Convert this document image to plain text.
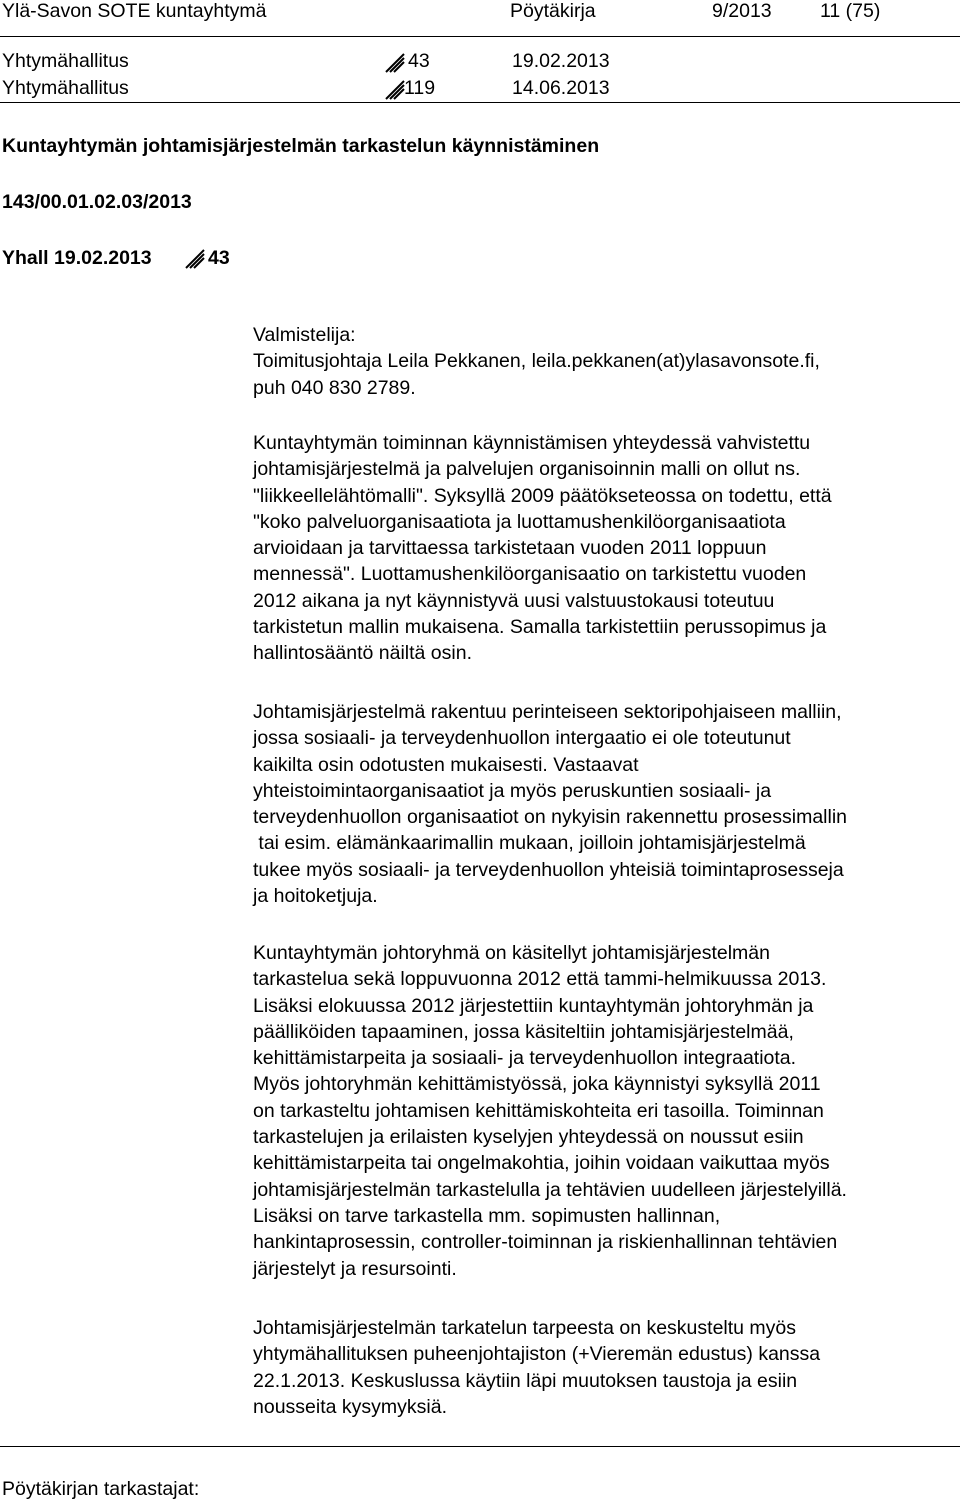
Ylä-Savon SOTE kuntayhtymä	Pöytäkirja	9/2013 11 (75)
Yhtymähallitus	43	19.02.2013
Yhtymähallitus	119	14.06.2013
Kuntayhtymän johtamisjärjestelmän tarkastelun käynnistäminen
143/00.01.02.03/2013
Yhall 19.02.2013	43

Valmistelija:

Toimitusjohtaja Leila Pekkanen, leila.pekkanen(at)ylasavonsote.fi,

puh 040 830 2789.

Kuntayhtymän toiminnan käynnistämisen yhteydessä vahvistettu

johtamisjärjestelmä ja palvelujen organisoinnin malli on ollut ns.

"liikkeellelähtömalli". Syksyllä 2009 päätökseteossa on todettu, että

"koko palveluorganisaatiota ja luottamushenkilöorganisaatiota

arvioidaan ja tarvittaessa tarkistetaan vuoden 2011 loppuun

mennessä". Luottamushenkilöorganisaatio on tarkistettu vuoden

2012 aikana ja nyt käynnistyvä uusi valstuustokausi toteutuu

tarkistetun mallin mukaisena. Samalla tarkistettiin perussopimus ja

hallintosääntö näiltä osin.

Johtamisjärjestelmä rakentuu perinteiseen sektoripohjaiseen malliin,

jossa sosiaali- ja terveydenhuollon intergaatio ei ole toteutunut

kaikilta osin odotusten mukaisesti. Vastaavat

yhteistoimintaorganisaatiot ja myös peruskuntien sosiaali- ja

terveydenhuollon organisaatiot on nykyisin rakennettu prosessimallin

tai esim. elämänkaarimallin mukaan, joilloin johtamisjärjestelmä

tukee myös sosiaali- ja terveydenhuollon yhteisiä toimintaprosesseja

ja hoitoketjuja.

Kuntayhtymän johtoryhmä on käsitellyt johtamisjärjestelmän

tarkastelua sekä loppuvuonna 2012 että tammi-helmikuussa 2013.

Lisäksi elokuussa 2012 järjestettiin kuntayhtymän johtoryhmän ja

päälliköiden tapaaminen, jossa käsiteltiin johtamisjärjestelmää,

kehittämistarpeita ja sosiaali- ja terveydenhuollon integraatiota.

Myös johtoryhmän kehittämistyössä, joka käynnistyi syksyllä 2011

on tarkasteltu johtamisen kehittämiskohteita eri tasoilla. Toiminnan

tarkastelujen ja erilaisten kyselyjen yhteydessä on noussut esiin

kehittämistarpeita tai ongelmakohtia, joihin voidaan vaikuttaa myös

johtamisjärjestelmän tarkastelulla ja tehtävien uudelleen järjestelyillä.

Lisäksi on tarve tarkastella mm. sopimusten hallinnan,

hankintaprosessin, controller-toiminnan ja riskienhallinnan tehtävien

järjestelyt ja resursointi.

Johtamisjärjestelmän tarkatelun tarpeesta on keskusteltu myös

yhtymähallituksen puheenjohtajiston (+Vieremän edustus) kanssa

22.1.2013. Keskuslussa käytiin läpi muutoksen taustoja ja esiin

nousseita kysymyksiä.

Pöytäkirjan tarkastajat:
